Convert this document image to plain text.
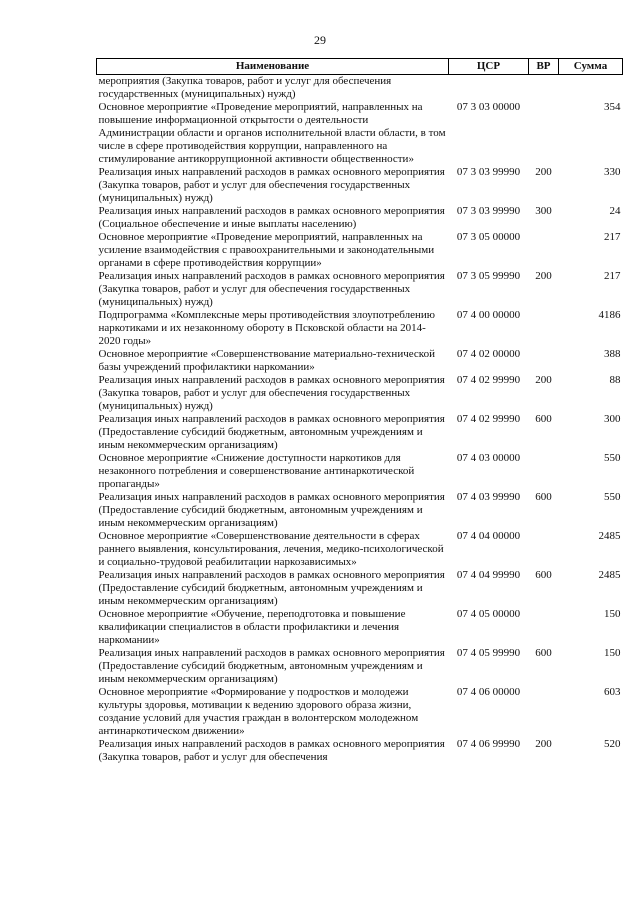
29
Наименование	ЦСР	ВР	Сумма
мероприятия (Закупка товаров, работ и услуг для обеспечения государственных (муниципальных) нужд)			
Основное мероприятие «Проведение мероприятий, направленных на повышение информационной открытости о деятельности Администрации области и органов исполнительной власти области, в том числе в сфере противодействия коррупции, направленного на стимулирование антикоррупционной активности общественности»	07 3 03 00000		354
Реализация иных направлений расходов в рамках основного мероприятия (Закупка товаров, работ и услуг для обеспечения государственных (муниципальных) нужд)	07 3 03 99990	200	330
Реализация иных направлений расходов в рамках основного мероприятия (Социальное обеспечение и иные выплаты населению)	07 3 03 99990	300	24
Основное мероприятие «Проведение мероприятий, направленных на усиление взаимодействия с правоохранительными и законодательными органами в сфере противодействия коррупции»	07 3 05 00000		217
Реализация иных направлений расходов в рамках основного мероприятия (Закупка товаров, работ и услуг для обеспечения государственных (муниципальных) нужд)	07 3 05 99990	200	217
Подпрограмма «Комплексные меры противодействия злоупотреблению наркотиками и их незаконному обороту в Псковской области на 2014-2020 годы»	07 4 00 00000		4186
Основное мероприятие «Совершенствование материально-технической базы учреждений профилактики наркомании»	07 4 02 00000		388
Реализация иных направлений расходов в рамках основного мероприятия (Закупка товаров, работ и услуг для обеспечения государственных (муниципальных) нужд)	07 4 02 99990	200	88
Реализация иных направлений расходов в рамках основного мероприятия (Предоставление субсидий бюджетным, автономным учреждениям и иным некоммерческим организациям)	07 4 02 99990	600	300
Основное мероприятие «Снижение доступности наркотиков для незаконного потребления и совершенствование антинаркотической пропаганды»	07 4 03 00000		550
Реализация иных направлений расходов в рамках основного мероприятия (Предоставление субсидий бюджетным, автономным учреждениям и иным некоммерческим организациям)	07 4 03 99990	600	550
Основное мероприятие «Совершенствование деятельности в сферах раннего выявления, консультирования, лечения, медико-психологической и социально-трудовой реабилитации наркозависимых»	07 4 04 00000		2485
Реализация иных направлений расходов в рамках основного мероприятия (Предоставление субсидий бюджетным, автономным учреждениям и иным некоммерческим организациям)	07 4 04 99990	600	2485
Основное мероприятие «Обучение, переподготовка и повышение квалификации специалистов в области профилактики и лечения наркомании»	07 4 05 00000		150
Реализация иных направлений расходов в рамках основного мероприятия (Предоставление субсидий бюджетным, автономным учреждениям и иным некоммерческим организациям)	07 4 05 99990	600	150
Основное мероприятие «Формирование у подростков и молодежи культуры здоровья, мотивации к ведению здорового образа жизни, создание условий для участия граждан в волонтерском молодежном антинаркотическом движении»	07 4 06 00000		603
Реализация иных направлений расходов в рамках основного мероприятия (Закупка товаров, работ и услуг для обеспечения	07 4 06 99990	200	520
